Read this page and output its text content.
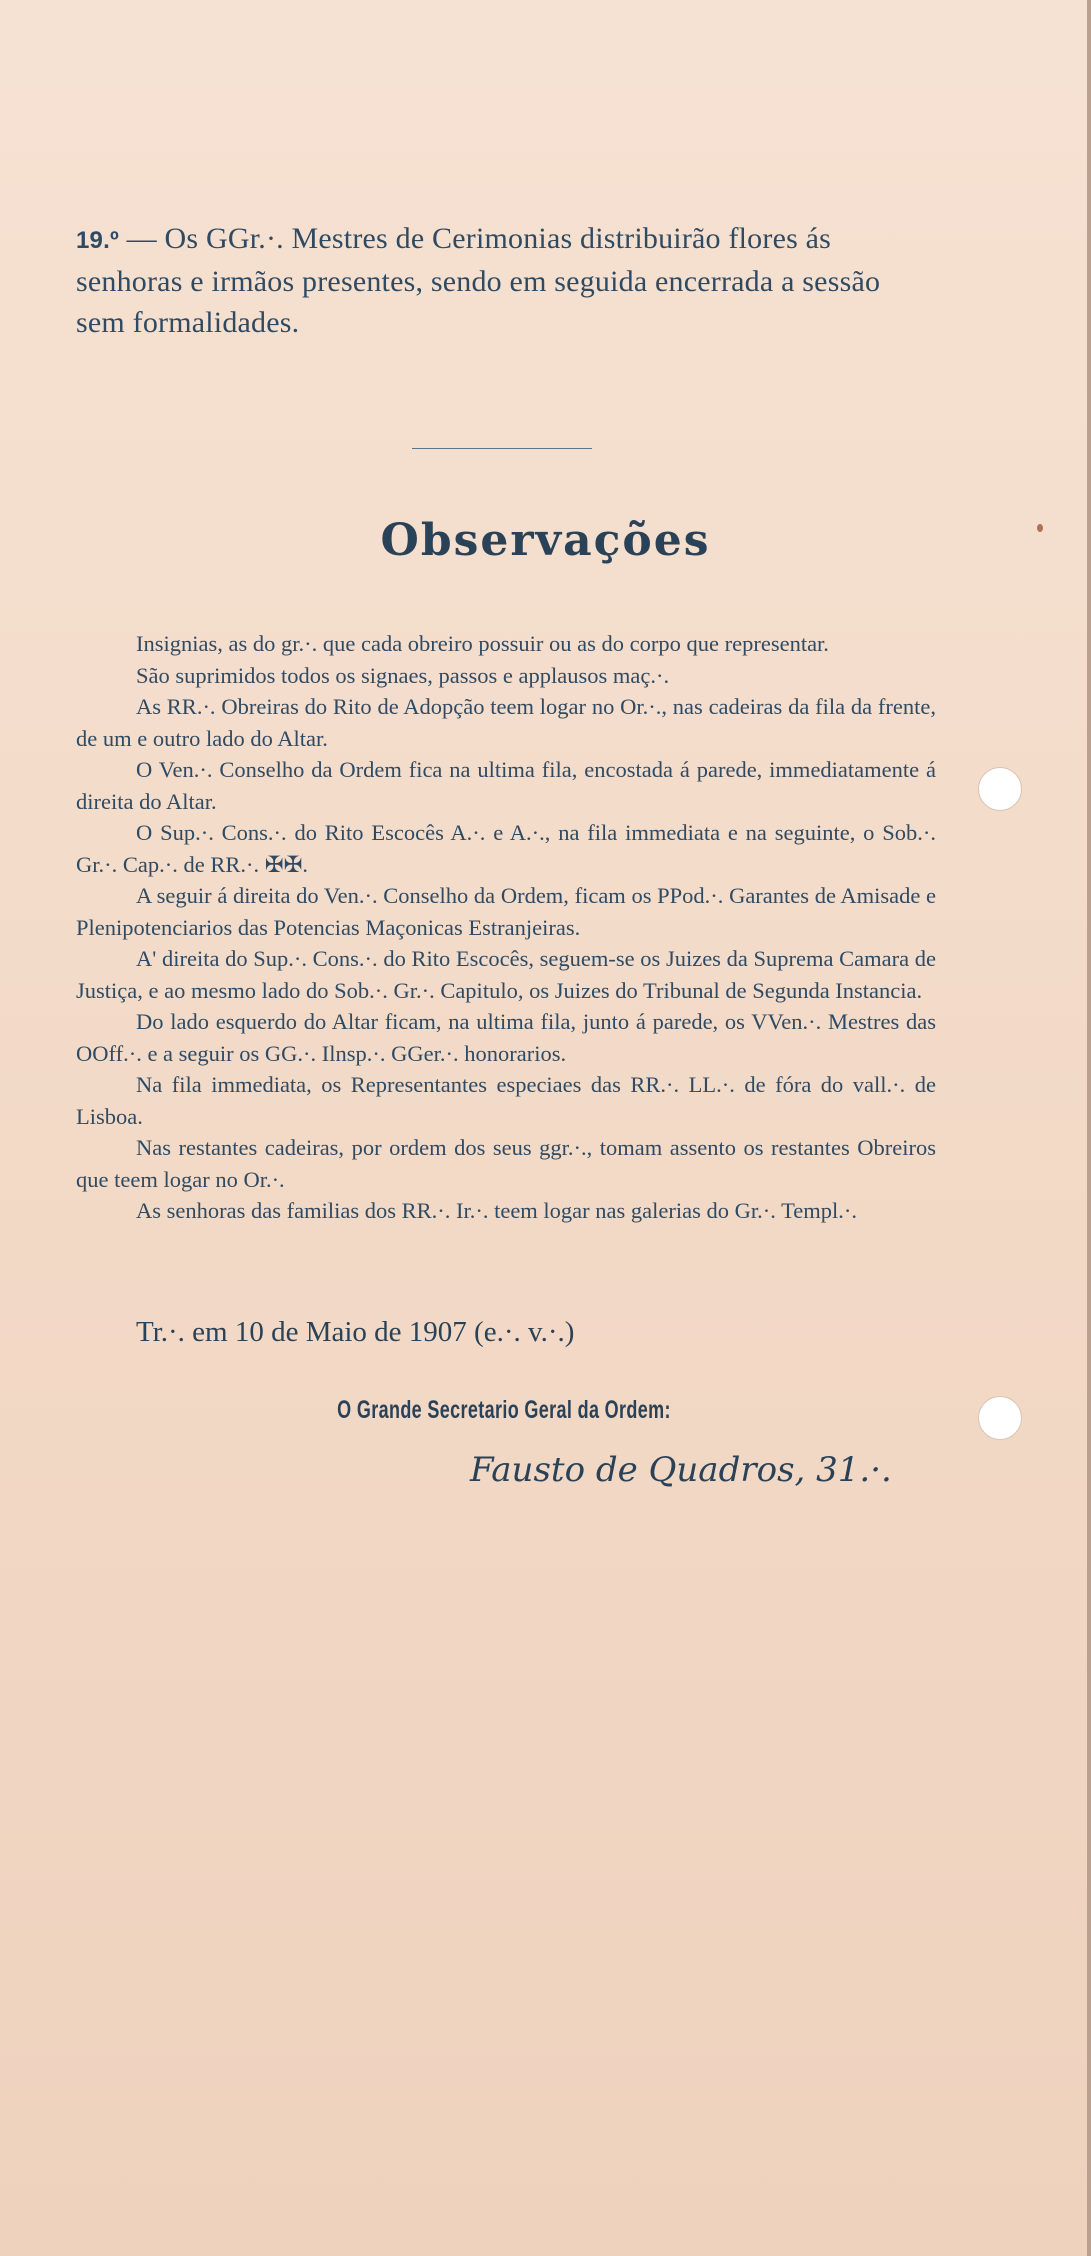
19.º — Os GGr.·. Mestres de Cerimonias distribuirão flores ás senhoras e irmãos presentes, sendo em seguida encerrada a sessão sem formalidades.
Observações

Insignias, as do gr.·. que cada obreiro possuir ou as do corpo que representar.

São suprimidos todos os signaes, passos e applausos maç.·.

As RR.·. Obreiras do Rito de Adopção teem logar no Or.·., nas cadeiras da fila da frente, de um e outro lado do Altar.

O Ven.·. Conselho da Ordem fica na ultima fila, encostada á parede, immediatamente á direita do Altar.

O Sup.·. Cons.·. do Rito Escocês A.·. e A.·., na fila immediata e na seguinte, o Sob.·. Gr.·. Cap.·. de RR.·. ✠✠.

A seguir á direita do Ven.·. Conselho da Ordem, ficam os PPod.·. Garantes de Amisade e Plenipotenciarios das Potencias Maçonicas Estranjeiras.

A' direita do Sup.·. Cons.·. do Rito Escocês, seguem-se os Juizes da Suprema Camara de Justiça, e ao mesmo lado do Sob.·. Gr.·. Capitulo, os Juizes do Tribunal de Segunda Instancia.

Do lado esquerdo do Altar ficam, na ultima fila, junto á parede, os VVen.·. Mestres das OOff.·. e a seguir os GG.·. Ilnsp.·. GGer.·. honorarios.

Na fila immediata, os Representantes especiaes das RR.·. LL.·. de fóra do vall.·. de Lisboa.

Nas restantes cadeiras, por ordem dos seus ggr.·., tomam assento os restantes Obreiros que teem logar no Or.·.

As senhoras das familias dos RR.·. Ir.·. teem logar nas galerias do Gr.·. Templ.·.

Tr.·. em 10 de Maio de 1907 (e.·. v.·.)
O Grande Secretario Geral da Ordem:
Fausto de Quadros, 31.·.
